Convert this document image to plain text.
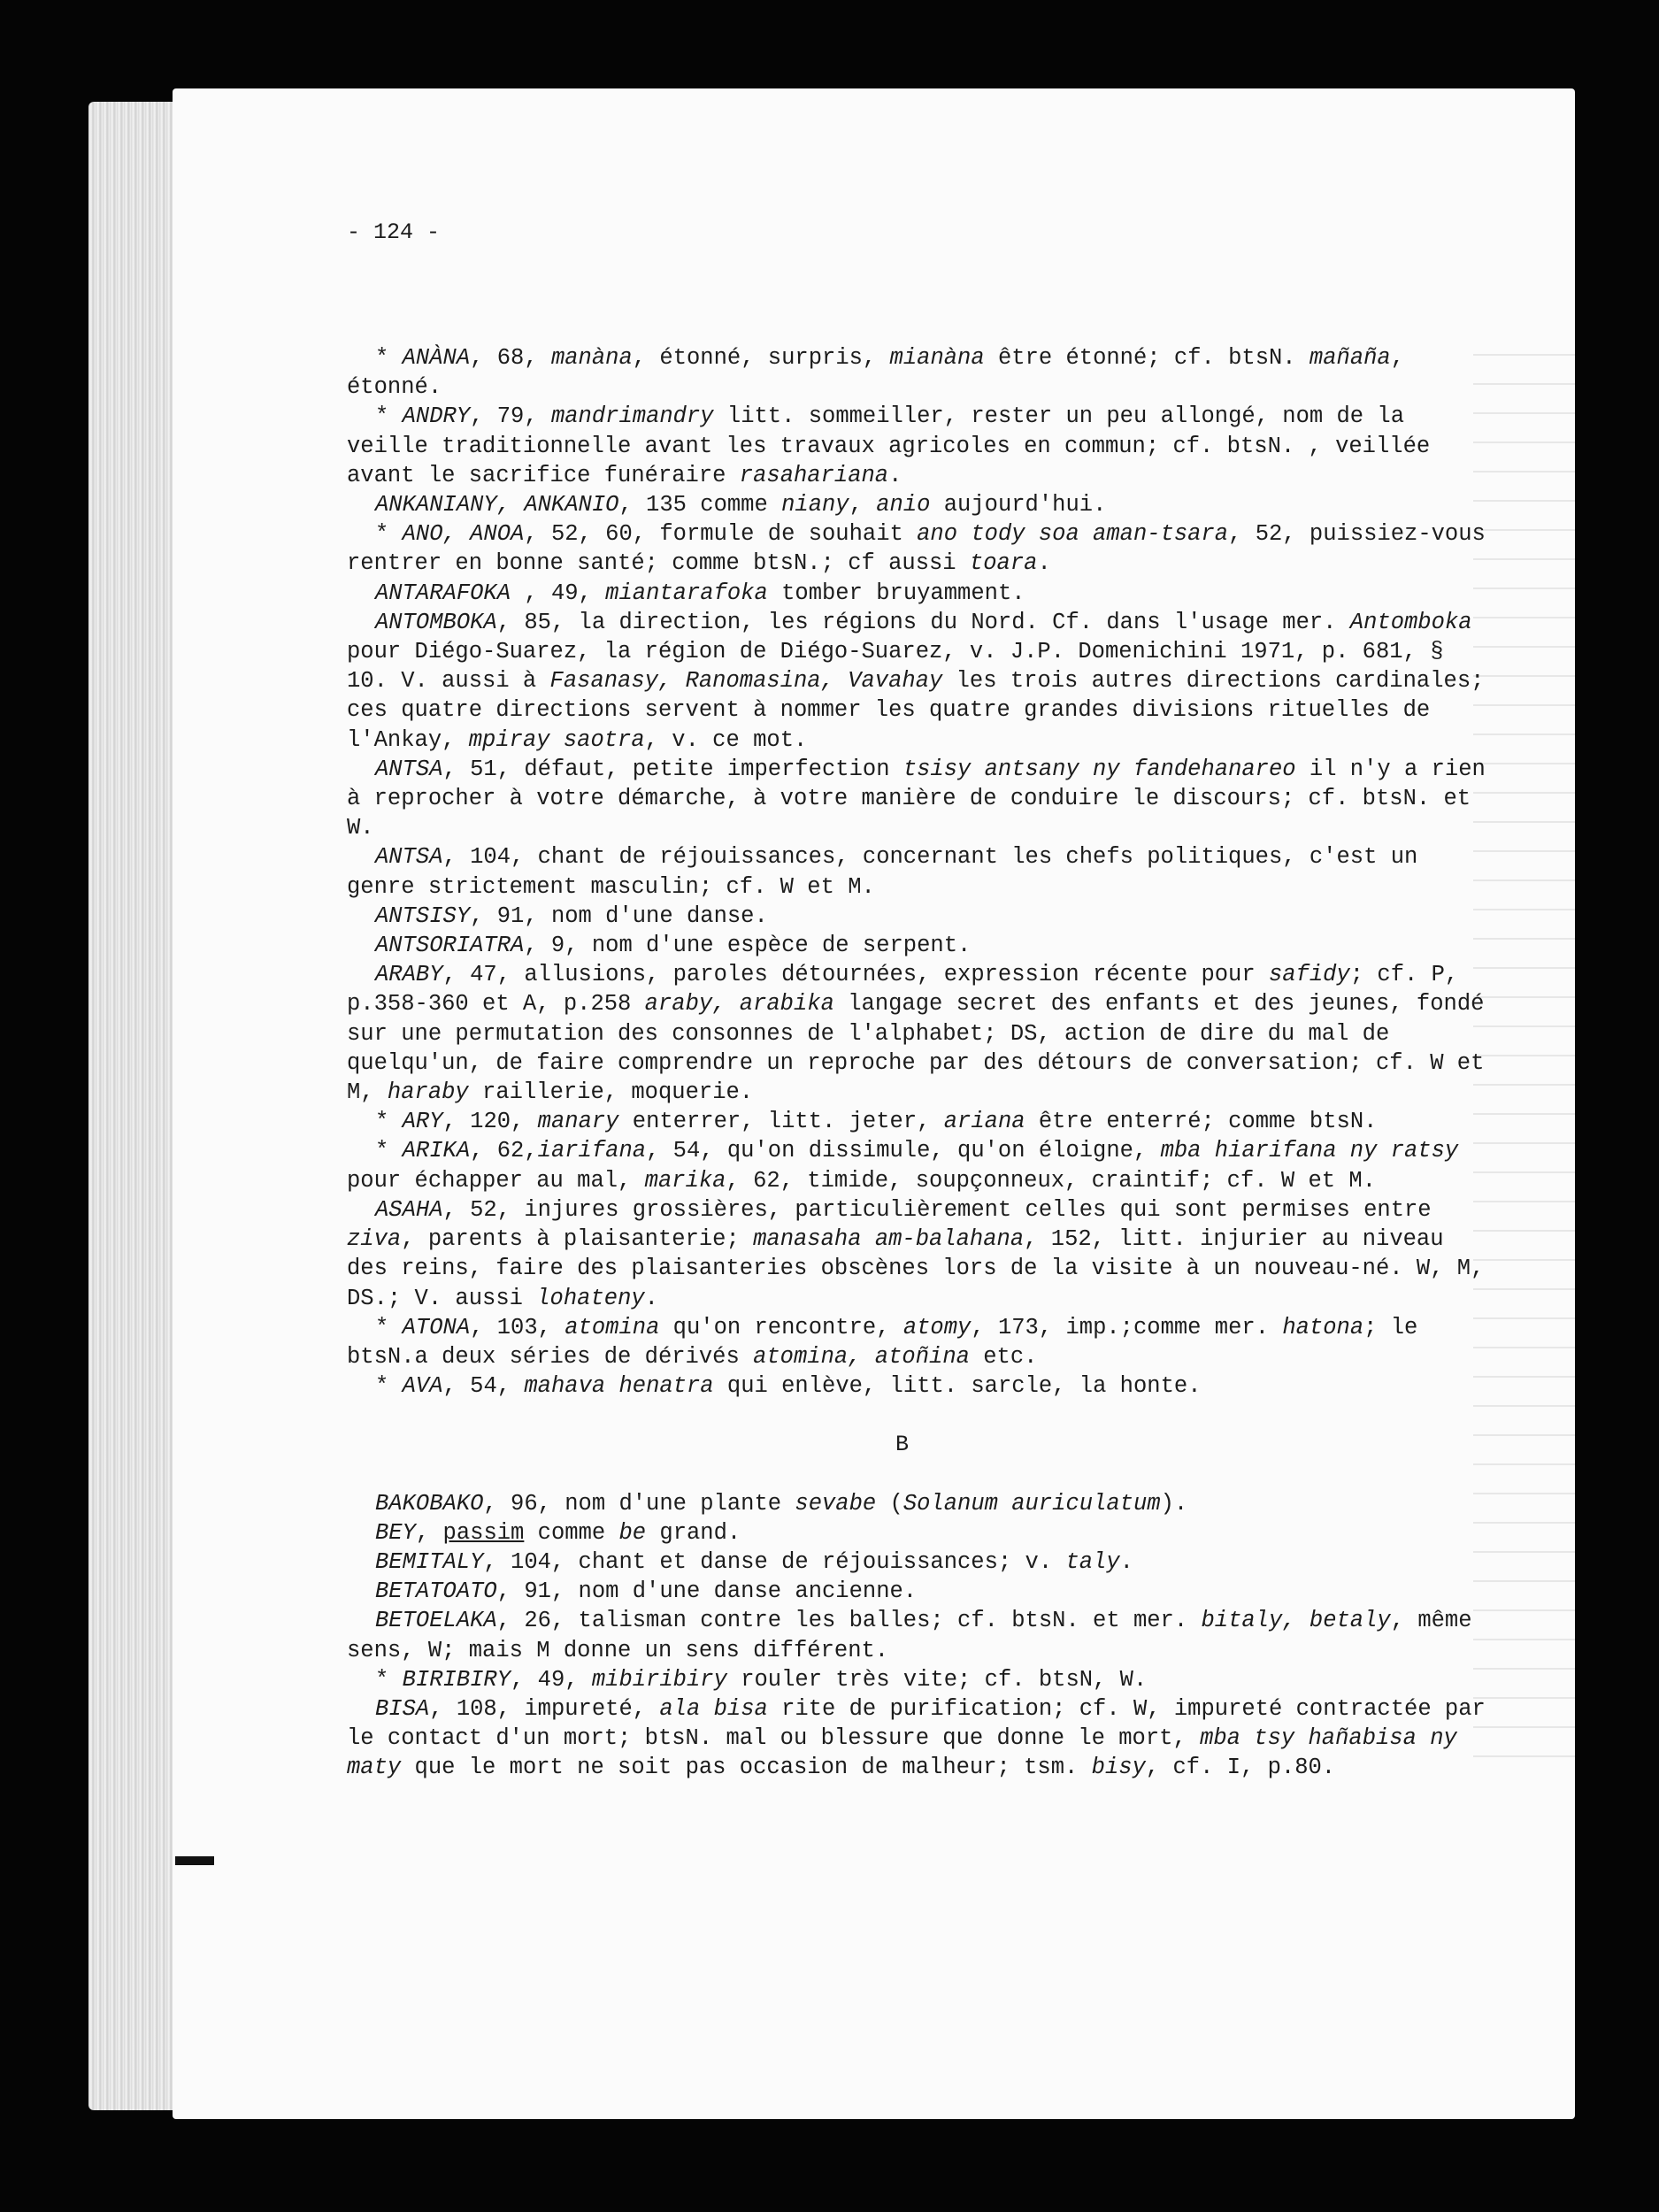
- 124 -

* ANÀNA, 68, manàna, étonné, surpris, mianàna être étonné; cf. btsN. mañaña, étonné.

* ANDRY, 79, mandrimandry litt. sommeiller, rester un peu allongé, nom de la veille traditionnelle avant les travaux agricoles en commun; cf. btsN. , veillée avant le sacrifice funéraire rasahariana.

ANKANIANY, ANKANIO, 135 comme niany, anio aujourd'hui.

* ANO, ANOA, 52, 60, formule de souhait ano tody soa aman-tsara, 52, puissiez-vous rentrer en bonne santé; comme btsN.; cf aussi toara.

ANTARAFOKA , 49, miantarafoka tomber bruyamment.

ANTOMBOKA, 85, la direction, les régions du Nord. Cf. dans l'usage mer. Antomboka pour Diégo-Suarez, la région de Diégo-Suarez, v. J.P. Domenichini 1971, p. 681, § 10. V. aussi à Fasanasy, Ranomasina, Vavahay les trois autres directions cardinales; ces quatre directions servent à nommer les quatre grandes divisions rituelles de l'Ankay, mpiray saotra, v. ce mot.

ANTSA, 51, défaut, petite imperfection tsisy antsany ny fandehanareo il n'y a rien à reprocher à votre démarche, à votre manière de conduire le discours; cf. btsN. et W.

ANTSA, 104, chant de réjouissances, concernant les chefs politiques, c'est un genre strictement masculin; cf. W et M.

ANTSISY, 91, nom d'une danse.

ANTSORIATRA, 9, nom d'une espèce de serpent.

ARABY, 47, allusions, paroles détournées, expression récente pour safidy; cf. P, p.358-360 et A, p.258 araby, arabika langage secret des enfants et des jeunes, fondé sur une permutation des consonnes de l'alphabet; DS, action de dire du mal de quelqu'un, de faire comprendre un reproche par des détours de conversation; cf. W et M, haraby raillerie, moquerie.

* ARY, 120, manary enterrer, litt. jeter, ariana être enterré; comme btsN.

* ARIKA, 62,iarifana, 54, qu'on dissimule, qu'on éloigne, mba hiarifana ny ratsy pour échapper au mal, marika, 62, timide, soupçonneux, craintif; cf. W et M.

ASAHA, 52, injures grossières, particulièrement celles qui sont permises entre ziva, parents à plaisanterie; manasaha am-balahana, 152, litt. injurier au niveau des reins, faire des plaisanteries obscènes lors de la visite à un nouveau-né. W, M, DS.; V. aussi lohateny.

* ATONA, 103, atomina qu'on rencontre, atomy, 173, imp.;comme mer. hatona; le btsN.a deux séries de dérivés atomina, atoñina etc.

* AVA, 54, mahava henatra qui enlève, litt. sarcle, la honte.

B

BAKOBAKO, 96, nom d'une plante sevabe (Solanum auriculatum).

BEY, passim comme be grand.

BEMITALY, 104, chant et danse de réjouissances; v. taly.

BETATOATO, 91, nom d'une danse ancienne.

BETOELAKA, 26, talisman contre les balles; cf. btsN. et mer. bitaly, betaly, même sens, W; mais M donne un sens différent.

* BIRIBIRY, 49, mibiribiry rouler très vite; cf. btsN, W.

BISA, 108, impureté, ala bisa rite de purification; cf. W, impureté contractée par le contact d'un mort; btsN. mal ou blessure que donne le mort, mba tsy hañabisa ny maty que le mort ne soit pas occasion de malheur; tsm. bisy, cf. I, p.80.
